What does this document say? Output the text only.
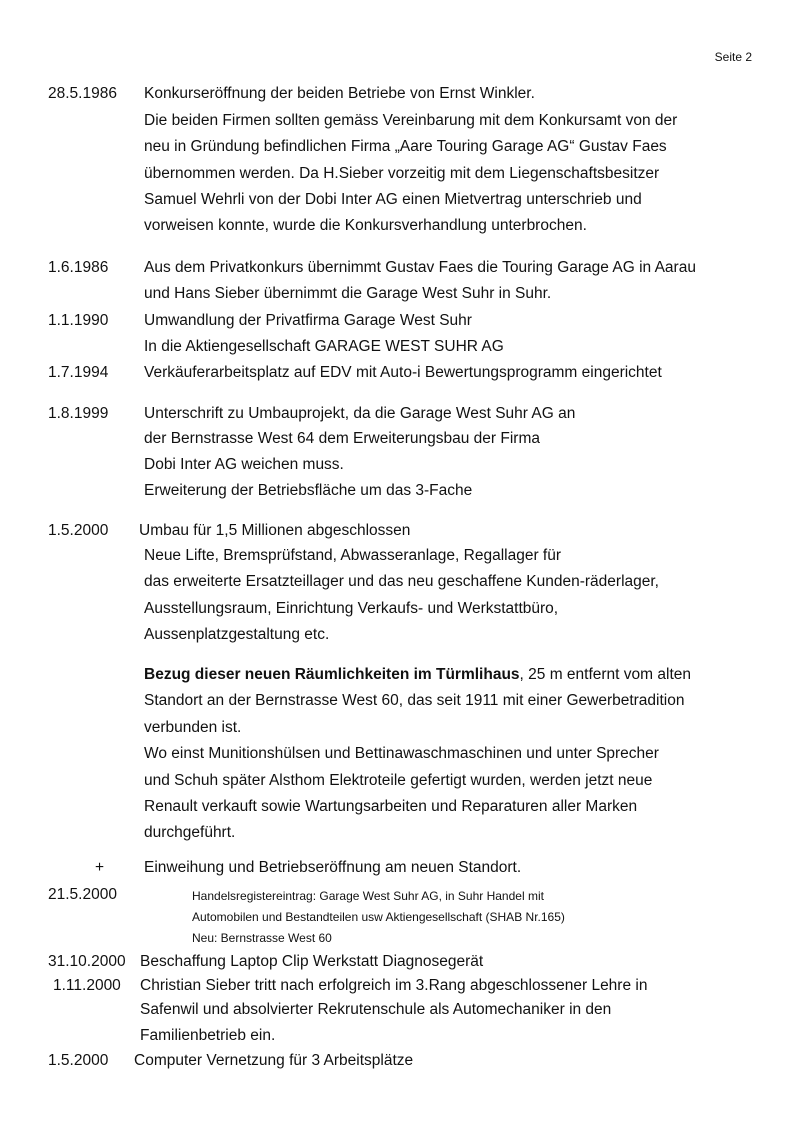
Seite 2
28.5.1986 Konkurseröffnung der beiden Betriebe von Ernst Winkler.
Die beiden Firmen sollten gemäss Vereinbarung mit dem Konkursamt von der
neu in Gründung befindlichen Firma „Aare Touring Garage AG“ Gustav Faes
übernommen werden. Da H.Sieber vorzeitig mit dem Liegenschaftsbesitzer
Samuel Wehrli von der Dobi Inter AG einen Mietvertrag unterschrieb und
vorweisen konnte, wurde die Konkursverhandlung unterbrochen.
1.6.1986 Aus dem Privatkonkurs übernimmt Gustav Faes die Touring Garage AG in Aarau
und Hans Sieber übernimmt die Garage West Suhr in Suhr.
1.1.1990 Umwandlung der Privatfirma Garage West Suhr
In die Aktiengesellschaft GARAGE WEST SUHR AG
1.7.1994 Verkäuferarbeitsplatz auf EDV mit Auto-i Bewertungsprogramm eingerichtet
1.8.1999 Unterschrift zu Umbauprojekt, da die Garage West Suhr AG an
der Bernstrasse West 64 dem Erweiterungsbau der Firma
Dobi Inter AG weichen muss.
Erweiterung der Betriebsfläche um das 3-Fache
1.5.2000 Umbau für 1,5 Millionen abgeschlossen
Neue Lifte, Bremsprüfstand, Abwasseranlage, Regallager für
das erweiterte Ersatzteillager und das neu geschaffene Kunden-räderlager,
Ausstellungsraum, Einrichtung Verkaufs- und Werkstattbüro,
Aussenplatzgestaltung etc.
Bezug dieser neuen Räumlichkeiten im Türmlihaus, 25 m entfernt vom alten
Standort an der Bernstrasse West 60, das seit 1911 mit einer Gewerbetradition
verbunden ist.
Wo einst Munitionshülsen und Bettinawaschmaschinen und unter Sprecher
und Schuh später Alsthom Elektroteile gefertigt wurden, werden jetzt neue
Renault verkauft sowie Wartungsarbeiten und Reparaturen aller Marken
durchgeführt.
+	Einweihung und Betriebseröffnung am neuen Standort.
21.5.2000	Handelsregistereintrag: Garage West Suhr AG, in Suhr Handel mit
Automobilen und Bestandteilen usw Aktiengesellschaft (SHAB Nr.165)
Neu: Bernstrasse West 60
31.10.2000 Beschaffung Laptop Clip Werkstatt Diagnosegerät
1.11.2000 Christian Sieber tritt nach erfolgreich im 3.Rang abgeschlossener Lehre in
Safenwil und absolvierter Rekrutenschule als Automechaniker in den
Familienbetrieb ein.
1.5.2000 Computer Vernetzung für 3 Arbeitsplätze
